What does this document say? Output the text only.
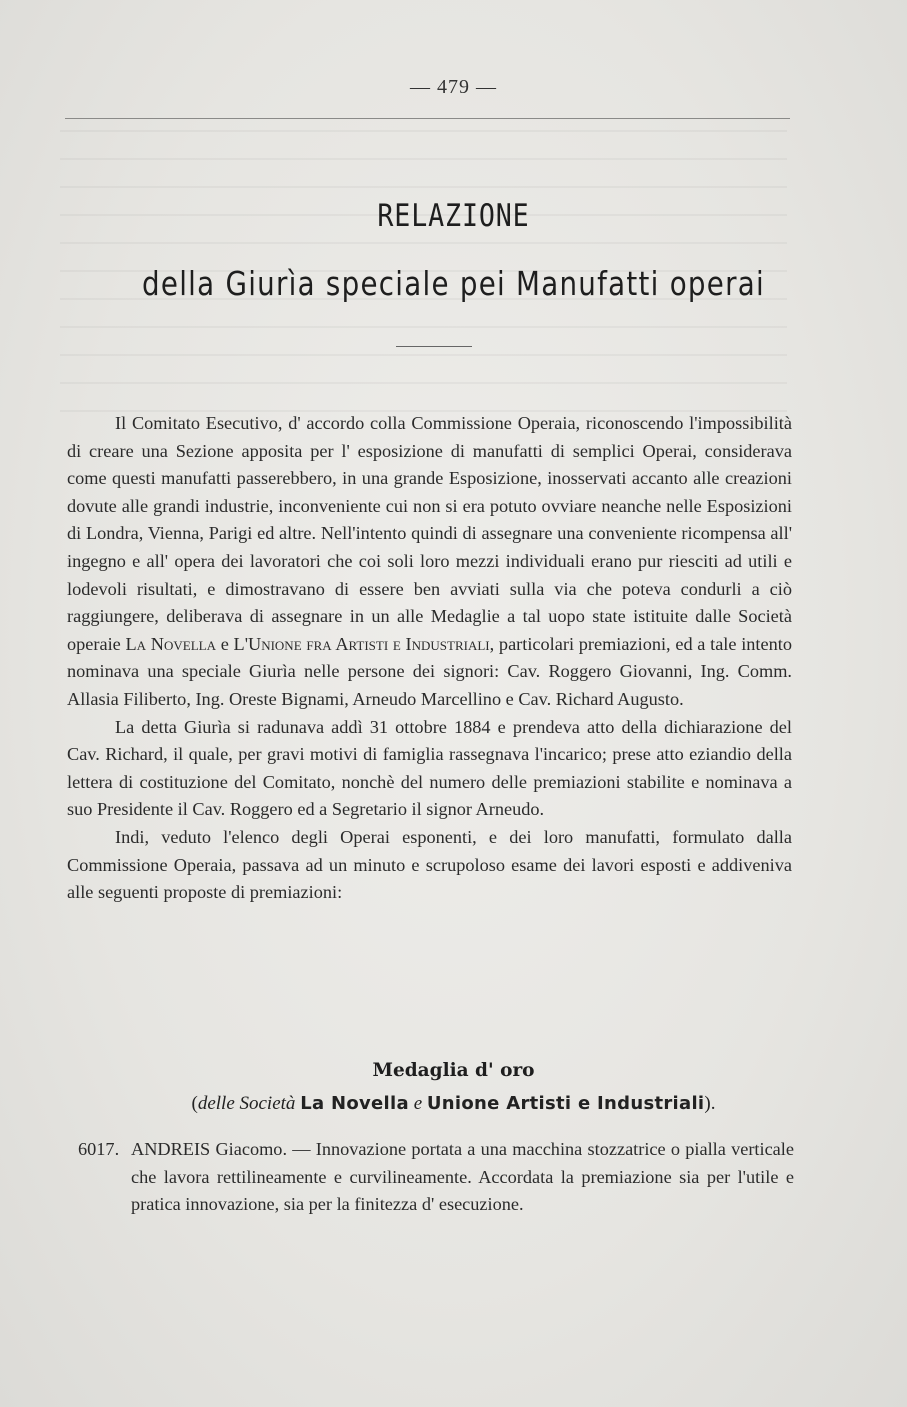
— 479 —
RELAZIONE
della Giurìa speciale pei Manufatti operai

Il Comitato Esecutivo, d' accordo colla Commissione Operaia, riconoscendo l'impossibilità di creare una Sezione apposita per l' esposizione di manufatti di semplici Operai, considerava come questi manufatti passerebbero, in una grande Esposizione, inosservati accanto alle creazioni dovute alle grandi industrie, inconveniente cui non si era potuto ovviare neanche nelle Esposizioni di Londra, Vienna, Parigi ed altre. Nell'intento quindi di assegnare una conveniente ricompensa all' ingegno e all' opera dei lavoratori che coi soli loro mezzi individuali erano pur riesciti ad utili e lodevoli risultati, e dimostravano di essere ben avviati sulla via che poteva condurli a ciò raggiungere, deliberava di assegnare in un alle Medaglie a tal uopo state istituite dalle Società operaie La Novella e L'Unione fra Artisti e Industriali, particolari premiazioni, ed a tale intento nominava una speciale Giurìa nelle persone dei signori: Cav. Roggero Giovanni, Ing. Comm. Allasia Filiberto, Ing. Oreste Bignami, Arneudo Marcellino e Cav. Richard Augusto.

La detta Giurìa si radunava addì 31 ottobre 1884 e prendeva atto della dichiarazione del Cav. Richard, il quale, per gravi motivi di famiglia rassegnava l'incarico; prese atto eziandio della lettera di costituzione del Comitato, nonchè del numero delle premiazioni stabilite e nominava a suo Presidente il Cav. Roggero ed a Segretario il signor Arneudo.

Indi, veduto l'elenco degli Operai esponenti, e dei loro manufatti, formulato dalla Commissione Operaia, passava ad un minuto e scrupoloso esame dei lavori esposti e addiveniva alle seguenti proposte di premiazioni:

Medaglia d' oro
(delle Società La Novella e Unione Artisti e Industriali).
6017. ANDREIS Giacomo. — Innovazione portata a una macchina stozzatrice o pialla verticale che lavora rettilineamente e curvilineamente. Accordata la premiazione sia per l'utile e pratica innovazione, sia per la finitezza d' esecuzione.
